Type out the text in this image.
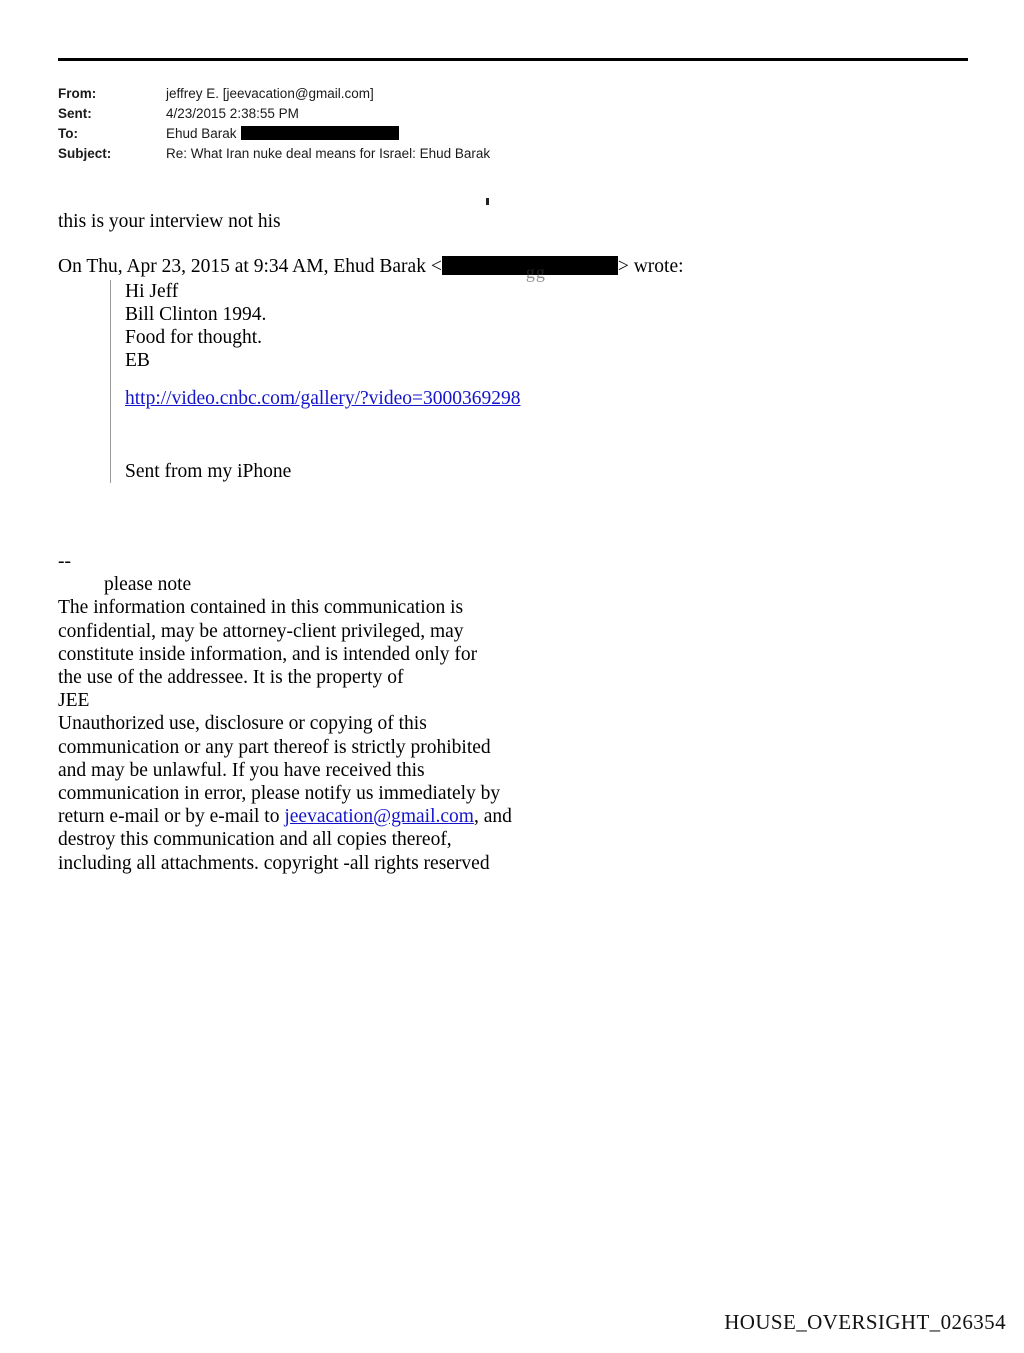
From:	jeffrey E. [jeevacation@gmail.com]
Sent:	4/23/2015 2:38:55 PM
To:	Ehud Barak
Subject:	Re: What Iran nuke deal means for Israel: Ehud Barak
this is your interview not his
On Thu, Apr 23, 2015 at 9:34 AM, Ehud Barak <	gg	> wrote:

Hi Jeff

Bill Clinton 1994.

Food for thought.

EB

http://video.cnbc.com/gallery/?video=3000369298

Sent from my iPhone

--

please note

The information contained in this communication is

confidential, may be attorney-client privileged, may

constitute inside information, and is intended only for

the use of the addressee. It is the property of

JEE

Unauthorized use, disclosure or copying of this

communication or any part thereof is strictly prohibited

and may be unlawful. If you have received this

communication in error, please notify us immediately by

return e-mail or by e-mail to jeevacation@gmail.com, and

destroy this communication and all copies thereof,

including all attachments. copyright -all rights reserved

HOUSE_OVERSIGHT_026354
